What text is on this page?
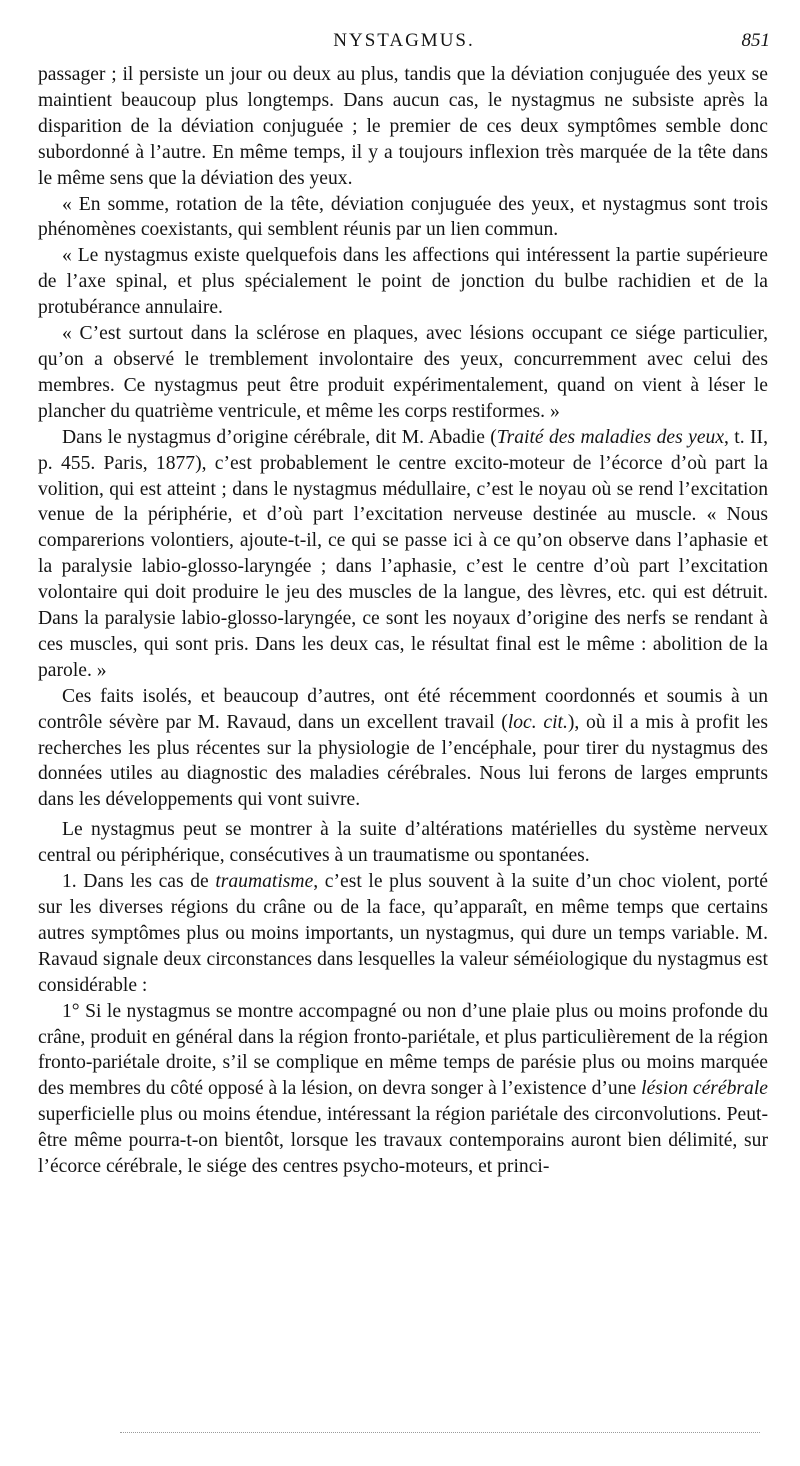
NYSTAGMUS.	851

passager ; il persiste un jour ou deux au plus, tandis que la déviation conjuguée des yeux se maintient beaucoup plus longtemps. Dans aucun cas, le nystagmus ne subsiste après la disparition de la déviation conjuguée ; le premier de ces deux symptômes semble donc subordonné à l’autre. En même temps, il y a toujours inflexion très marquée de la tête dans le même sens que la déviation des yeux.

« En somme, rotation de la tête, déviation conjuguée des yeux, et nystagmus sont trois phénomènes coexistants, qui semblent réunis par un lien commun.

« Le nystagmus existe quelquefois dans les affections qui intéressent la partie supérieure de l’axe spinal, et plus spécialement le point de jonction du bulbe rachidien et de la protubérance annulaire.

« C’est surtout dans la sclérose en plaques, avec lésions occupant ce siége particulier, qu’on a observé le tremblement involontaire des yeux, concurremment avec celui des membres. Ce nystagmus peut être produit expérimentalement, quand on vient à léser le plancher du quatrième ventricule, et même les corps restiformes. »

Dans le nystagmus d’origine cérébrale, dit M. Abadie (Traité des maladies des yeux, t. II, p. 455. Paris, 1877), c’est probablement le centre excito-moteur de l’écorce d’où part la volition, qui est atteint ; dans le nystagmus médullaire, c’est le noyau où se rend l’excitation venue de la périphérie, et d’où part l’excitation nerveuse destinée au muscle. « Nous comparerions volontiers, ajoute-t-il, ce qui se passe ici à ce qu’on observe dans l’aphasie et la paralysie labio-glosso-laryngée ; dans l’aphasie, c’est le centre d’où part l’excitation volontaire qui doit produire le jeu des muscles de la langue, des lèvres, etc. qui est détruit. Dans la paralysie labio-glosso-laryngée, ce sont les noyaux d’origine des nerfs se rendant à ces muscles, qui sont pris. Dans les deux cas, le résultat final est le même : abolition de la parole. »

Ces faits isolés, et beaucoup d’autres, ont été récemment coordonnés et soumis à un contrôle sévère par M. Ravaud, dans un excellent travail (loc. cit.), où il a mis à profit les recherches les plus récentes sur la physiologie de l’encéphale, pour tirer du nystagmus des données utiles au diagnostic des maladies cérébrales. Nous lui ferons de larges emprunts dans les développements qui vont suivre.

Le nystagmus peut se montrer à la suite d’altérations matérielles du système nerveux central ou périphérique, consécutives à un traumatisme ou spontanées.

1. Dans les cas de traumatisme, c’est le plus souvent à la suite d’un choc violent, porté sur les diverses régions du crâne ou de la face, qu’apparaît, en même temps que certains autres symptômes plus ou moins importants, un nystagmus, qui dure un temps variable. M. Ravaud signale deux circonstances dans lesquelles la valeur séméiologique du nystagmus est considérable :

1° Si le nystagmus se montre accompagné ou non d’une plaie plus ou moins profonde du crâne, produit en général dans la région fronto-pariétale, et plus particulièrement de la région fronto-pariétale droite, s’il se complique en même temps de parésie plus ou moins marquée des membres du côté opposé à la lésion, on devra songer à l’existence d’une lésion cérébrale superficielle plus ou moins étendue, intéressant la région pariétale des circonvolutions. Peut-être même pourra-t-on bientôt, lorsque les travaux contemporains auront bien délimité, sur l’écorce cérébrale, le siége des centres psycho-moteurs, et princi-
